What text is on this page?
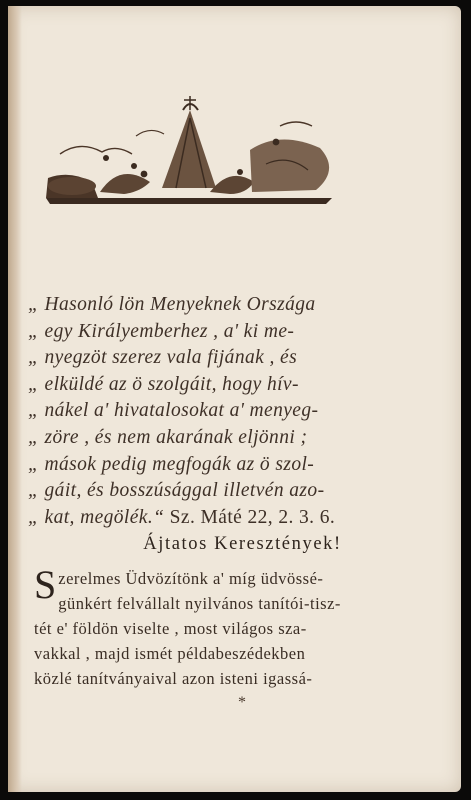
„ Hasonló lön Menyeknek Országa
„ egy Királyemberhez , a' ki me-
„ nyegzöt szerez vala fijának , és
„ elküldé az ö szolgáit, hogy hív-
„ nákel a' hivatalosokat a' menyeg-
„ zöre , és nem akarának eljönni ;
„ mások pedig megfogák az ö szol-
„ gáit, és bosszúsággal illetvén azo-
„ kat, megölék.“ Sz. Máté 22, 2. 3. 6.
Ájtatos Keresztények!
S zerelmes Üdvözítönk a' míg üdvössé-
günkért felvállalt nyilvános tanítói-tisz-
tét e' földön viselte , most világos sza-
vakkal , majd ismét példabeszédekben
közlé tanítványaival azon isteni igassá-
*
